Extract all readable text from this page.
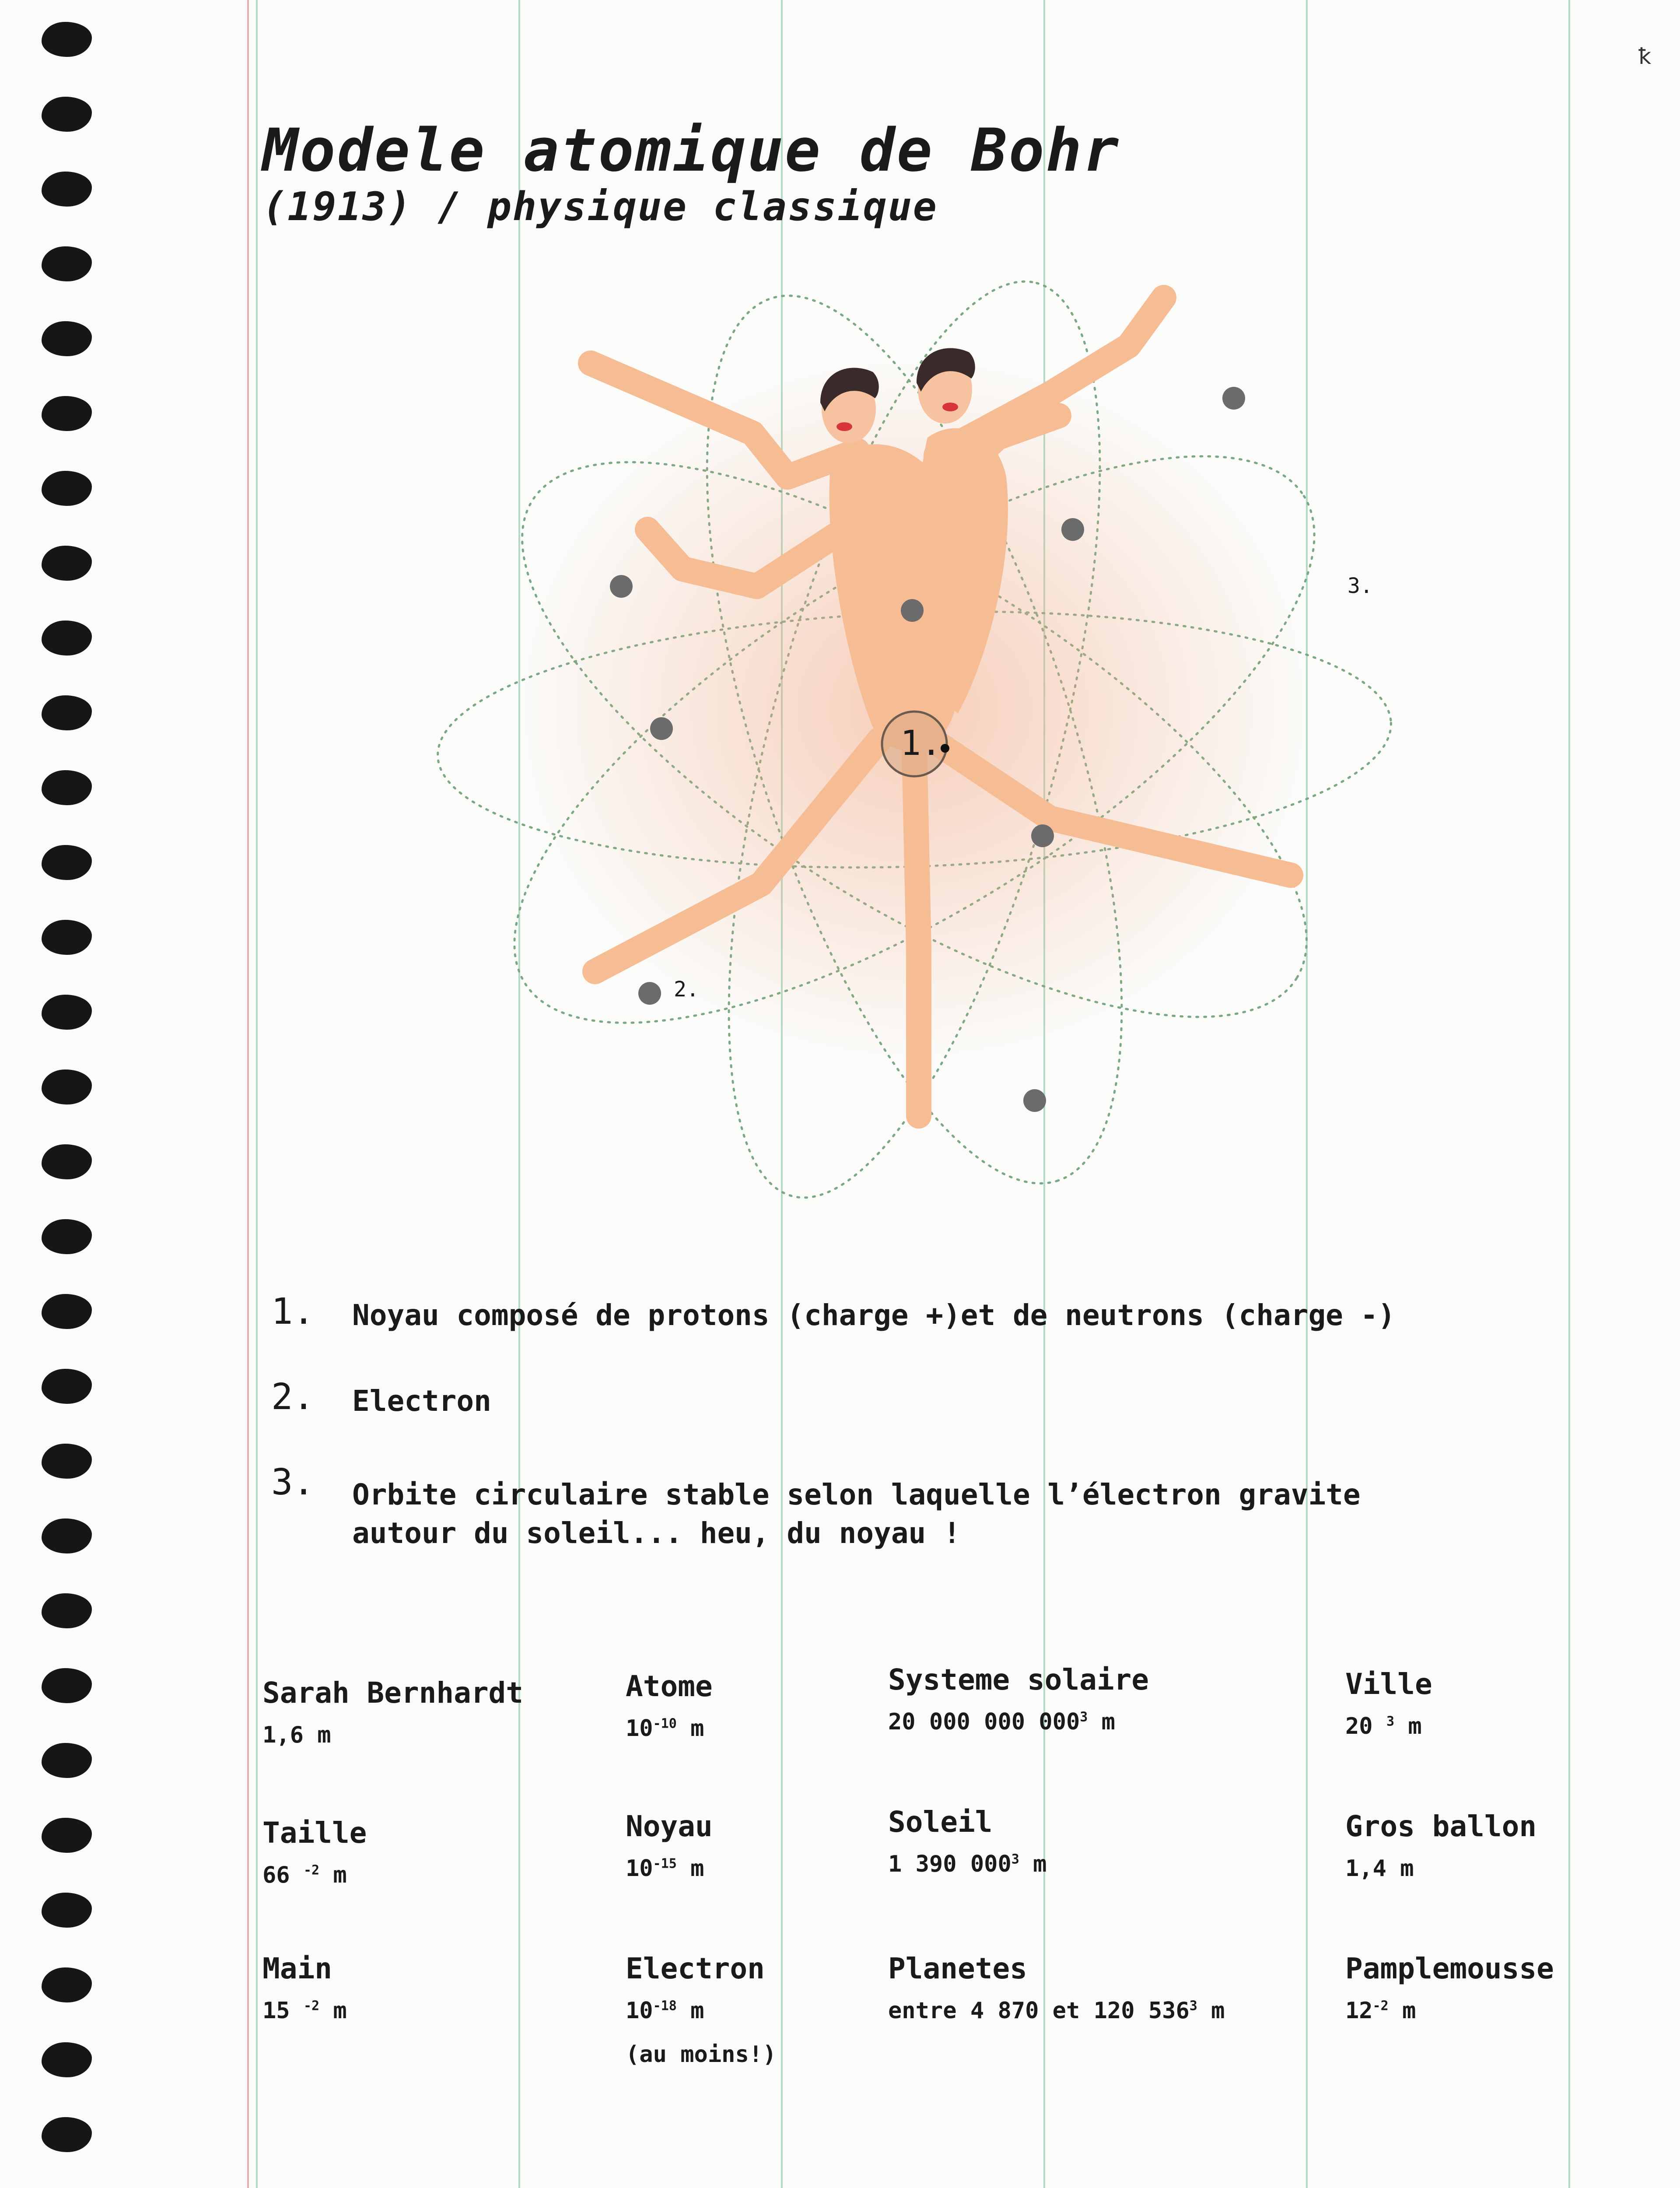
ꝁ
Modele atomique de Bohr
(1913) / physique classique
1.
2.
3.
1. Noyau composé de protons (charge +)et de neutrons (charge -)
2. Electron
3. Orbite circulaire stable selon laquelle l’électron gravite
autour du soleil... heu, du noyau !
Sarah Bernhardt
1,6 m
Taille
66 $^{-2}$ m
Main
15 $^{-2}$ m
Atome
$10^{-10}$ m
Noyau
$10^{-15}$ m
Electron
$10^{-18}$ m
(au moins!)
Systeme solaire
20 000 000 $000^3$ m
Soleil
1 390 $000^3$ m
Planetes
entre 4 870 et 120 $536^3$ m
Ville
20 $^3$ m
Gros ballon
1,4 m
Pamplemousse
$12^{-2}$ m
